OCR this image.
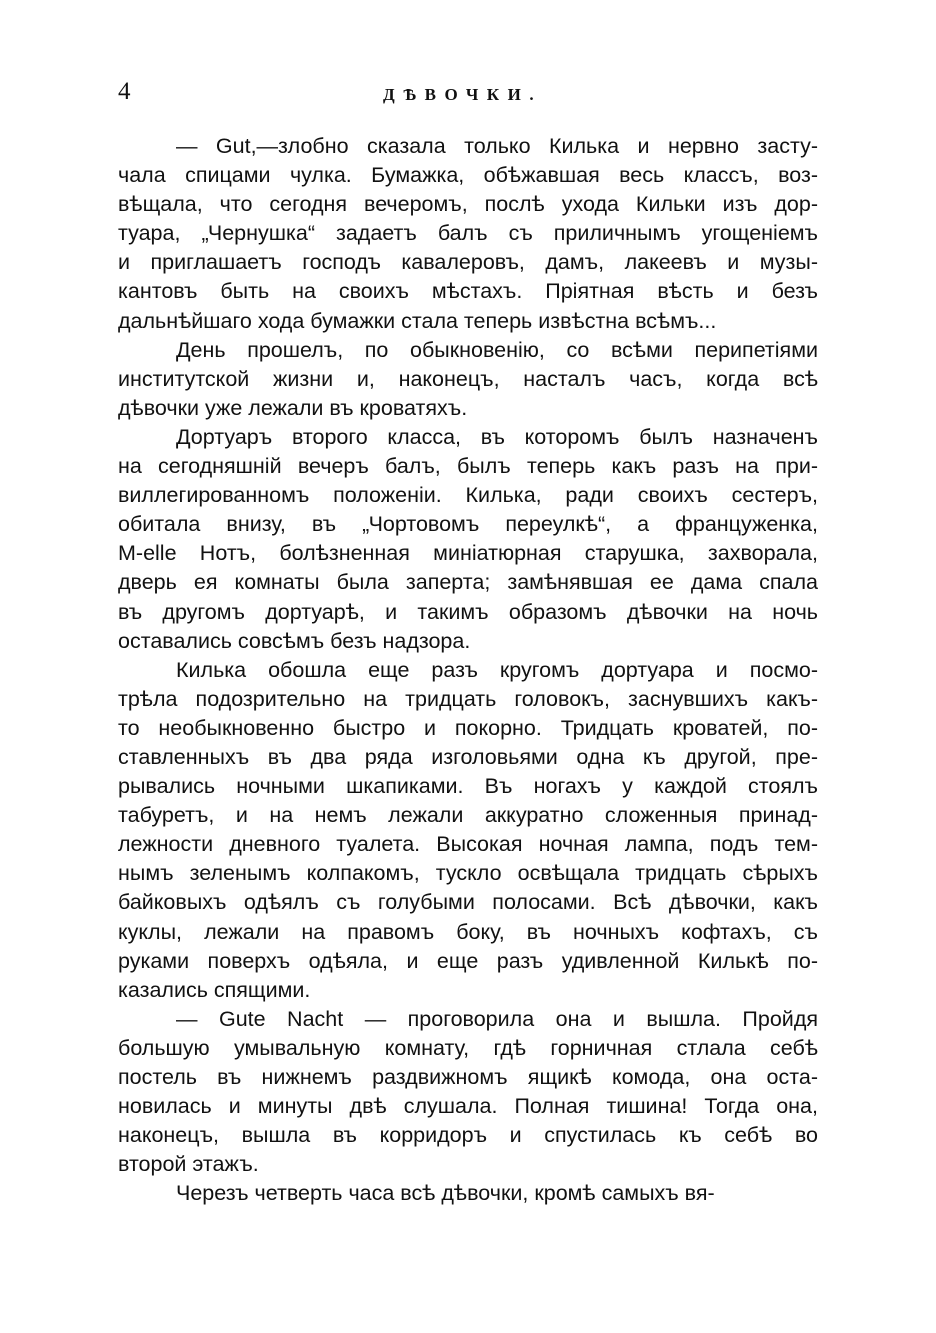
4	ДѢВОЧКИ.
— Gut,—злобно сказала только Килька и нервно засту-
чала спицами чулка. Бумажка, обѣжавшая весь классъ, воз-
вѣщала, что сегодня вечеромъ, послѣ ухода Кильки изъ дор-
туара, „Чернушка“ задаетъ балъ съ приличнымъ угощенiемъ
и приглашаетъ господъ кавалеровъ, дамъ, лакеевъ и музы-
кантовъ быть на своихъ мѣстахъ. Прiятная вѣсть и безъ
дальнѣйшаго хода бумажки стала теперь извѣстна всѣмъ...
День прошелъ, по обыкновенiю, со всѣми перипетiями
институтской жизни и, наконецъ, насталъ часъ, когда всѣ
дѣвочки уже лежали въ кроватяхъ.
Дортуаръ второго класса, въ которомъ былъ назначенъ
на сегодняшнiй вечеръ балъ, былъ теперь какъ разъ на при-
виллегированномъ положенiи. Килька, ради своихъ сестеръ,
обитала внизу, въ „Чортовомъ переулкѣ“, а француженка,
M-elle Нотъ, болѣзненная миніатюрная старушка, захворала,
дверь ея комнаты была заперта; замѣнявшая ее дама спала
въ другомъ дортуарѣ, и такимъ образомъ дѣвочки на ночь
оставались совсѣмъ безъ надзора.
Килька обошла еще разъ кругомъ дортуара и посмо-
трѣла подозрительно на тридцать головокъ, заснувшихъ какъ-
то необыкновенно быстро и покорно. Тридцать кроватей, по-
ставленныхъ въ два ряда изголовьями одна къ другой, пре-
рывались ночными шкапиками. Въ ногахъ у каждой стоялъ
табуретъ, и на немъ лежали аккуратно сложенныя принад-
лежности дневного туалета. Высокая ночная лампа, подъ тем-
нымъ зеленымъ колпакомъ, тускло освѣщала тридцать сѣрыхъ
байковыхъ одѣялъ съ голубыми полосами. Всѣ дѣвочки, какъ
куклы, лежали на правомъ боку, въ ночныхъ кофтахъ, съ
руками поверхъ одѣяла, и еще разъ удивленной Килькѣ по-
казались спящими.
— Gute Nacht — проговорила она и вышла. Пройдя
большую умывальную комнату, гдѣ горничная стлала себѣ
постель въ нижнемъ раздвижномъ ящикѣ комода, она оста-
новилась и минуты двѣ слушала. Полная тишина! Тогда она,
наконецъ, вышла въ корридоръ и спустилась къ себѣ во
второй этажъ.
Черезъ четверть часа всѣ дѣвочки, кромѣ самыхъ вя-
